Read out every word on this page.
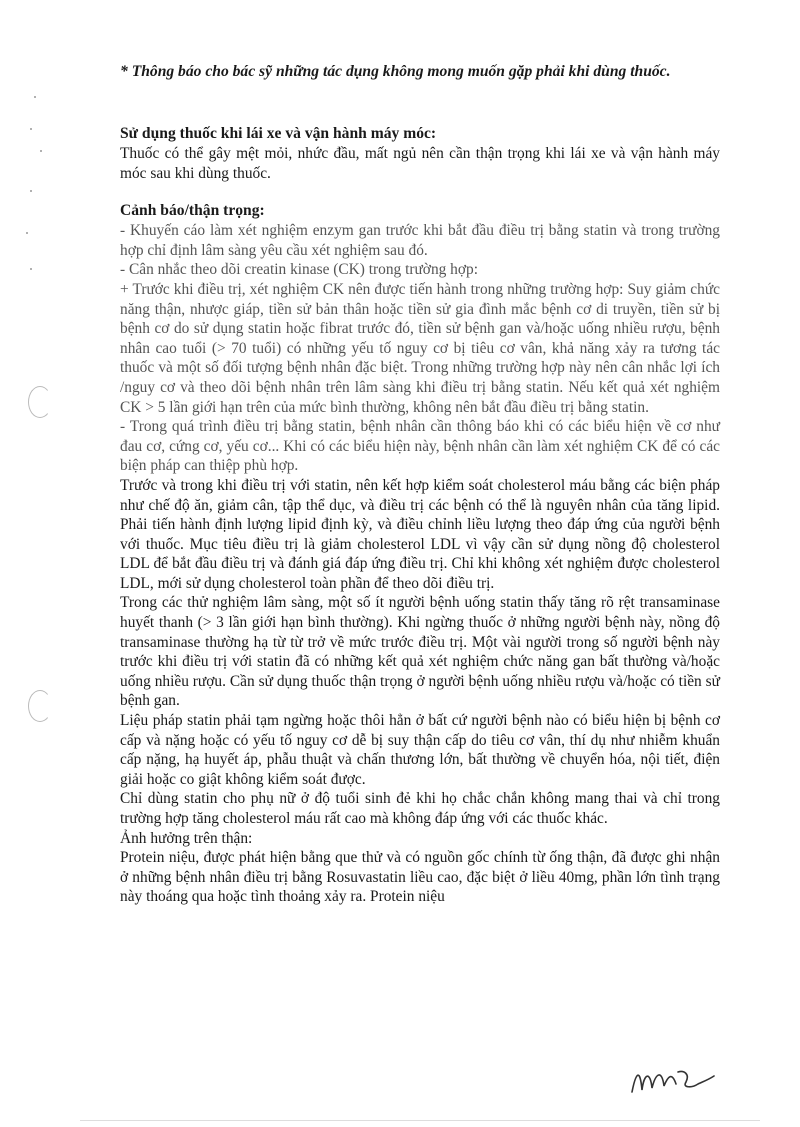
* Thông báo cho bác sỹ những tác dụng không mong muốn gặp phải khi dùng thuốc.

Sử dụng thuốc khi lái xe và vận hành máy móc:

Thuốc có thể gây mệt mỏi, nhức đầu, mất ngủ nên cần thận trọng khi lái xe và vận hành máy móc sau khi dùng thuốc.

Cảnh báo/thận trọng:

- Khuyến cáo làm xét nghiệm enzym gan trước khi bắt đầu điều trị bằng statin và trong trường hợp chỉ định lâm sàng yêu cầu xét nghiệm sau đó.

- Cân nhắc theo dõi creatin kinase (CK) trong trường hợp:

+ Trước khi điều trị, xét nghiệm CK nên được tiến hành trong những trường hợp: Suy giảm chức năng thận, nhược giáp, tiền sử bản thân hoặc tiền sử gia đình mắc bệnh cơ di truyền, tiền sử bị bệnh cơ do sử dụng statin hoặc fibrat trước đó, tiền sử bệnh gan và/hoặc uống nhiều rượu, bệnh nhân cao tuổi (> 70 tuổi) có những yếu tố nguy cơ bị tiêu cơ vân, khả năng xảy ra tương tác thuốc và một số đối tượng bệnh nhân đặc biệt. Trong những trường hợp này nên cân nhắc lợi ích /nguy cơ và theo dõi bệnh nhân trên lâm sàng khi điều trị bằng statin. Nếu kết quả xét nghiệm CK > 5 lần giới hạn trên của mức bình thường, không nên bắt đầu điều trị bằng statin.

- Trong quá trình điều trị bằng statin, bệnh nhân cần thông báo khi có các biểu hiện về cơ như đau cơ, cứng cơ, yếu cơ... Khi có các biểu hiện này, bệnh nhân cần làm xét nghiệm CK để có các biện pháp can thiệp phù hợp.

Trước và trong khi điều trị với statin, nên kết hợp kiểm soát cholesterol máu bằng các biện pháp như chế độ ăn, giảm cân, tập thể dục, và điều trị các bệnh có thể là nguyên nhân của tăng lipid. Phải tiến hành định lượng lipid định kỳ, và điều chỉnh liều lượng theo đáp ứng của người bệnh với thuốc. Mục tiêu điều trị là giảm cholesterol LDL vì vậy cần sử dụng nồng độ cholesterol LDL để bắt đầu điều trị và đánh giá đáp ứng điều trị. Chỉ khi không xét nghiệm được cholesterol LDL, mới sử dụng cholesterol toàn phần để theo dõi điều trị.

Trong các thử nghiệm lâm sàng, một số ít người bệnh uống statin thấy tăng rõ rệt transaminase huyết thanh (> 3 lần giới hạn bình thường). Khi ngừng thuốc ở những người bệnh này, nồng độ transaminase thường hạ từ từ trở về mức trước điều trị. Một vài người trong số người bệnh này trước khi điều trị với statin đã có những kết quả xét nghiệm chức năng gan bất thường và/hoặc uống nhiều rượu. Cần sử dụng thuốc thận trọng ở người bệnh uống nhiều rượu và/hoặc có tiền sử bệnh gan.

Liệu pháp statin phải tạm ngừng hoặc thôi hẳn ở bất cứ người bệnh nào có biểu hiện bị bệnh cơ cấp và nặng hoặc có yếu tố nguy cơ dễ bị suy thận cấp do tiêu cơ vân, thí dụ như nhiễm khuẩn cấp nặng, hạ huyết áp, phẫu thuật và chấn thương lớn, bất thường về chuyển hóa, nội tiết, điện giải hoặc co giật không kiểm soát được.

Chỉ dùng statin cho phụ nữ ở độ tuổi sinh đẻ khi họ chắc chắn không mang thai và chỉ trong trường hợp tăng cholesterol máu rất cao mà không đáp ứng với các thuốc khác.

Ảnh hưởng trên thận:

Protein niệu, được phát hiện bằng que thử và có nguồn gốc chính từ ống thận, đã được ghi nhận ở những bệnh nhân điều trị bằng Rosuvastatin liều cao, đặc biệt ở liều 40mg, phần lớn tình trạng này thoáng qua hoặc tình thoảng xảy ra. Protein niệu
